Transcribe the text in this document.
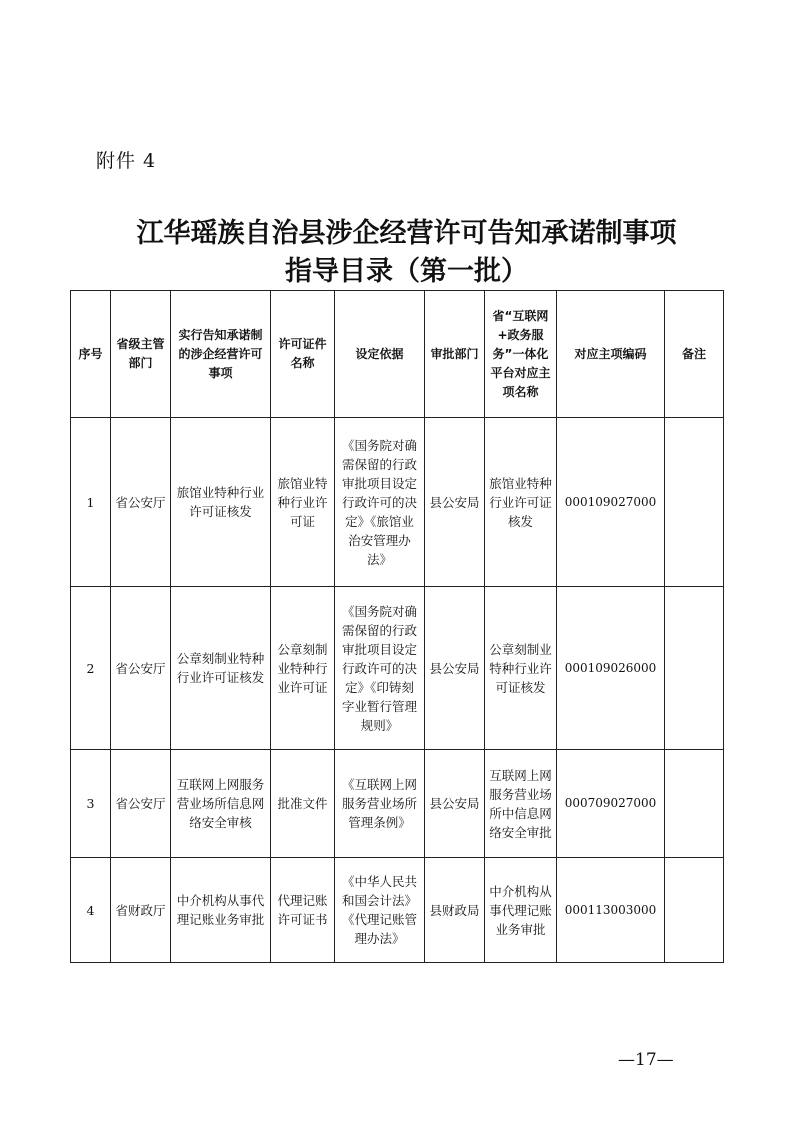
附件 4
江华瑶族自治县涉企经营许可告知承诺制事项
指导目录（第一批）
序号	省级主管部门	实行告知承诺制的涉企经营许可事项	许可证件名称	设定依据	审批部门	省“互联网+政务服务”一体化平台对应主项名称	对应主项编码	备注
1	省公安厅	旅馆业特种行业许可证核发	旅馆业特种行业许可证	《国务院对确需保留的行政审批项目设定行政许可的决定》《旅馆业治安管理办法》	县公安局	旅馆业特种行业许可证核发	000109027000	
2	省公安厅	公章刻制业特种行业许可证核发	公章刻制业特种行业许可证	《国务院对确需保留的行政审批项目设定行政许可的决定》《印铸刻字业暂行管理规则》	县公安局	公章刻制业特种行业许可证核发	000109026000	
3	省公安厅	互联网上网服务营业场所信息网络安全审核	批准文件	《互联网上网服务营业场所管理条例》	县公安局	互联网上网服务营业场所中信息网络安全审批	000709027000	
4	省财政厅	中介机构从事代理记账业务审批	代理记账许可证书	《中华人民共和国会计法》《代理记账管理办法》	县财政局	中介机构从事代理记账业务审批	000113003000	
—17—
